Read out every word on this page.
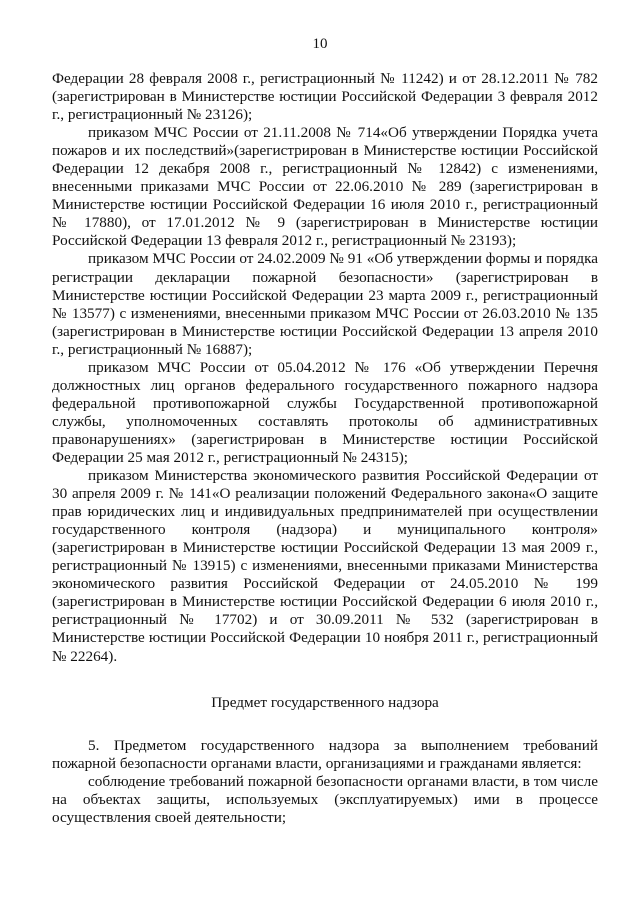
10

Федерации 28 февраля 2008 г., регистрационный № 11242) и от 28.12.2011 № 782 (зарегистрирован в Министерстве юстиции Российской Федерации 3 февраля 2012 г., регистрационный № 23126);

приказом МЧС России от 21.11.2008 № 714«Об утверждении Порядка учета пожаров и их последствий»(зарегистрирован в Министерстве юстиции Российской Федерации 12 декабря 2008 г., регистрационный № 12842) с изменениями, внесенными приказами МЧС России от 22.06.2010 № 289 (зарегистрирован в Министерстве юстиции Российской Федерации 16 июля 2010 г., регистрационный № 17880), от 17.01.2012 № 9 (зарегистрирован в Министерстве юстиции Российской Федерации 13 февраля 2012 г., регистрационный № 23193);

приказом МЧС России от 24.02.2009 № 91 «Об утверждении формы и порядка регистрации декларации пожарной безопасности» (зарегистрирован в Министерстве юстиции Российской Федерации 23 марта 2009 г., регистрационный № 13577) с изменениями, внесенными приказом МЧС России от 26.03.2010 № 135 (зарегистрирован в Министерстве юстиции Российской Федерации 13 апреля 2010 г., регистрационный № 16887);

приказом МЧС России от 05.04.2012 № 176 «Об утверждении Перечня должностных лиц органов федерального государственного пожарного надзора федеральной противопожарной службы Государственной противопожарной службы, уполномоченных составлять протоколы об административных правонарушениях» (зарегистрирован в Министерстве юстиции Российской Федерации 25 мая 2012 г., регистрационный № 24315);

приказом Министерства экономического развития Российской Федерации от 30 апреля 2009 г. № 141«О реализации положений Федерального закона«О защите прав юридических лиц и индивидуальных предпринимателей при осуществлении государственного контроля (надзора) и муниципального контроля» (зарегистрирован в Министерстве юстиции Российской Федерации 13 мая 2009 г., регистрационный № 13915) с изменениями, внесенными приказами Министерства экономического развития Российской Федерации от 24.05.2010 № 199 (зарегистрирован в Министерстве юстиции Российской Федерации 6 июля 2010 г., регистрационный № 17702) и от 30.09.2011 № 532 (зарегистрирован в Министерстве юстиции Российской Федерации 10 ноября 2011 г., регистрационный № 22264).

Предмет государственного надзора

5. Предметом государственного надзора за выполнением требований пожарной безопасности органами власти, организациями и гражданами является:

соблюдение требований пожарной безопасности органами власти, в том числе на объектах защиты, используемых (эксплуатируемых) ими в процессе осуществления своей деятельности;
